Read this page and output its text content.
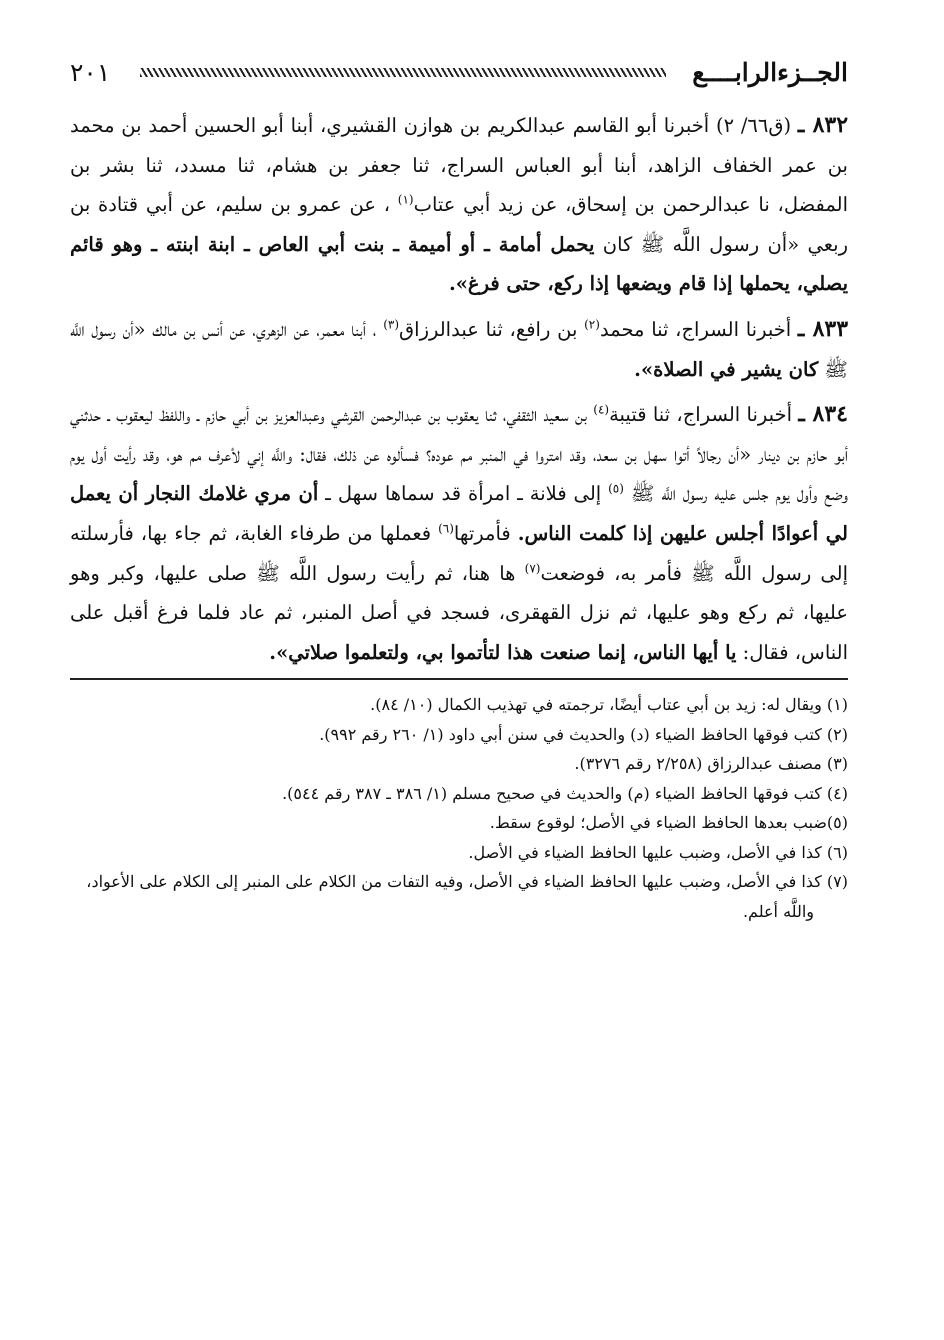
الجــزءالرابــــع
٢٠١

٨٣٢ ـ (ق٦٦/ ٢) أخبرنا أبو القاسم عبدالكريم بن هوازن القشيري، أبنا أبو الحسين أحمد بن محمد بن عمر الخفاف الزاهد، أبنا أبو العباس السراج، ثنا جعفر بن هشام، ثنا مسدد، ثنا بشر بن المفضل، نا عبدالرحمن بن إسحاق، عن زيد أبي عتاب$^{(١)}$ ، عن عمرو بن سليم، عن أبي قتادة بن ربعي «أن رسول اللَّه ﷺ كان يحمل أمامة ـ أو أميمة ـ بنت أبي العاص ـ ابنة ابنته ـ وهو قائم يصلي، يحملها إذا قام ويضعها إذا ركع، حتى فرغ».

٨٣٣ ـ أخبرنا السراج، ثنا محمد$^{(٢)}$ بن رافع، ثنا عبدالرزاق$^{(٣)}$ ، أبنا معمر، عن الزهري، عن أنس بن مالك «أن رسول اللَّه ﷺ كان يشير في الصلاة».

٨٣٤ ـ أخبرنا السراج، ثنا قتيبة$^{(٤)}$ بن سعيد الثقفي، ثنا يعقوب بن عبدالرحمن القرشي وعبدالعزيز بن أبي حازم ـ واللفظ ليعقوب ـ حدثني أبو حازم بن دينار «أن رجالاً أتوا سهل بن سعد، وقد امتروا في المنبر مم عوده؟ فسألوه عن ذلك، فقال: واللَّه إني لأعرف مم هو، وقد رأيت أول يوم وضع وأول يوم جلس عليه رسول اللَّه ﷺ $^{(٥)}$ إلى فلانة ـ امرأة قد سماها سهل ـ أن مري غلامك النجار أن يعمل لي أعوادًا أجلس عليهن إذا كلمت الناس. فأمرتها$^{(٦)}$ فعملها من طرفاء الغابة، ثم جاء بها، فأرسلته إلى رسول اللَّه ﷺ فأمر به، فوضعت$^{(٧)}$ ها هنا، ثم رأيت رسول اللَّه ﷺ صلى عليها، وكبر وهو عليها، ثم ركع وهو عليها، ثم نزل القهقرى، فسجد في أصل المنبر، ثم عاد فلما فرغ أقبل على الناس، فقال: يا أيها الناس، إنما صنعت هذا لتأتموا بي، ولتعلموا صلاتي».

(١) ويقال له: زيد بن أبي عتاب أيضًا، ترجمته في تهذيب الكمال (١٠/ ٨٤).

(٢) كتب فوقها الحافظ الضياء (د) والحديث في سنن أبي داود (١/ ٢٦٠ رقم ٩٩٢).

(٣) مصنف عبدالرزاق (٢/٢٥٨ رقم ٣٢٧٦).

(٤) كتب فوقها الحافظ الضياء (م) والحديث في صحيح مسلم (١/ ٣٨٦ ـ ٣٨٧ رقم ٥٤٤).

(٥)ضبب بعدها الحافظ الضياء في الأصل؛ لوقوع سقط.

(٦) كذا في الأصل، وضبب عليها الحافظ الضياء في الأصل.

(٧) كذا في الأصل، وضبب عليها الحافظ الضياء في الأصل، وفيه التفات من الكلام على المنبر إلى الكلام على الأعواد، واللَّه أعلم.
